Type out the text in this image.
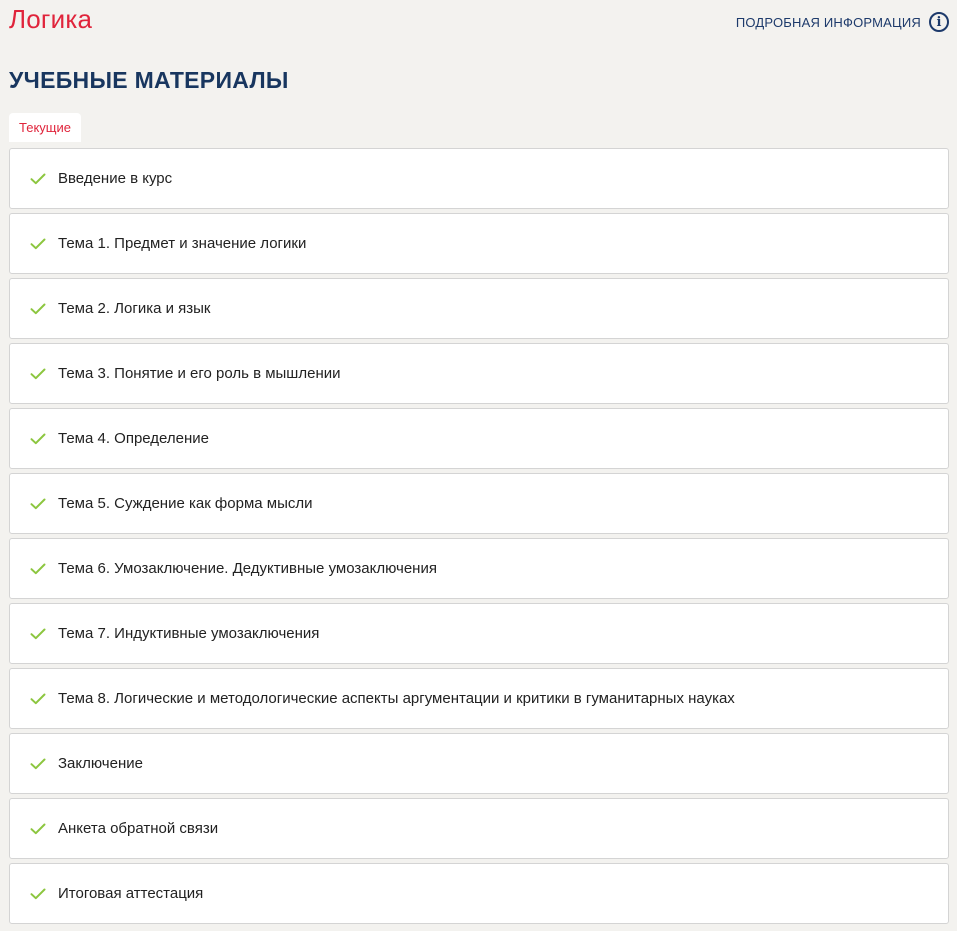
Логика	ПОДРОБНАЯ ИНФОРМАЦИЯ	i
УЧЕБНЫЕ МАТЕРИАЛЫ
Текущие
Введение в курс
Тема 1. Предмет и значение логики
Тема 2. Логика и язык
Тема 3. Понятие и его роль в мышлении
Тема 4. Определение
Тема 5. Суждение как форма мысли
Тема 6. Умозаключение. Дедуктивные умозаключения
Тема 7. Индуктивные умозаключения
Тема 8. Логические и методологические аспекты аргументации и критики в гуманитарных науках
Заключение
Анкета обратной связи
Итоговая аттестация
